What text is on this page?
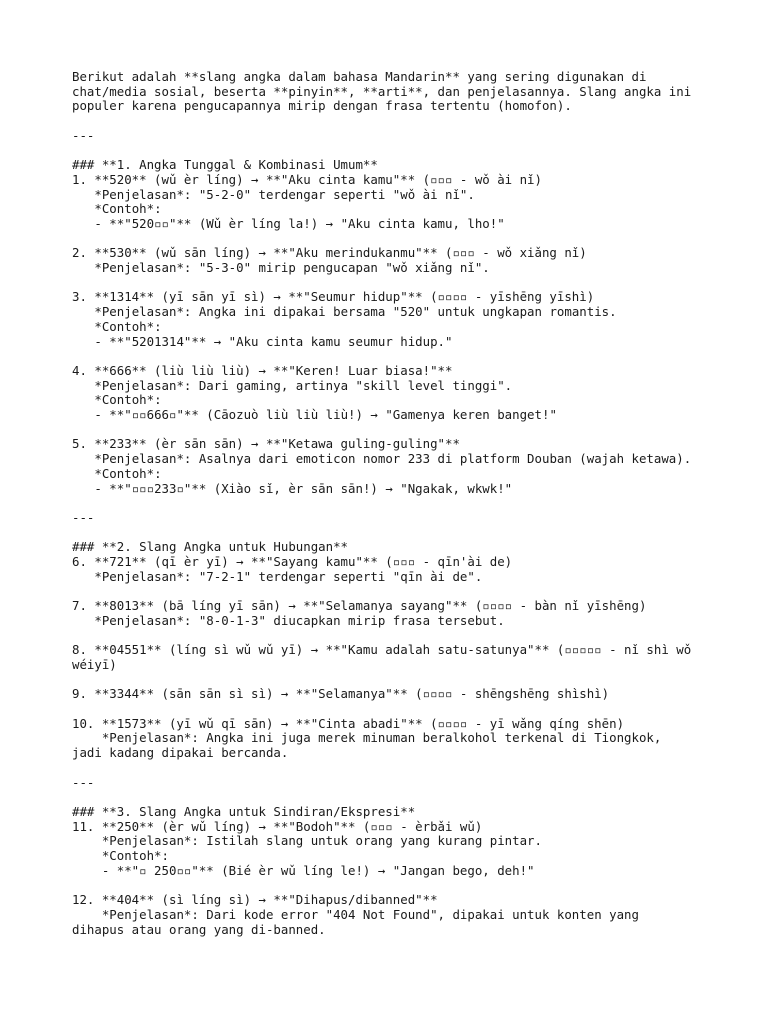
Berikut adalah **slang angka dalam bahasa Mandarin** yang sering digunakan di
chat/media sosial, beserta **pinyin**, **arti**, dan penjelasannya. Slang angka ini
populer karena pengucapannya mirip dengan frasa tertentu (homofon).
---
### **1. Angka Tunggal & Kombinasi Umum**
1. **520** (wǔ èr líng) → **"Aku cinta kamu"** (▫▫▫ - wǒ ài nǐ)
*Penjelasan*: "5-2-0" terdengar seperti "wǒ ài nǐ".
*Contoh*:
- **"520▫▫"** (Wǔ èr líng la!) → "Aku cinta kamu, lho!"
2. **530** (wǔ sān líng) → **"Aku merindukanmu"** (▫▫▫ - wǒ xiǎng nǐ)
*Penjelasan*: "5-3-0" mirip pengucapan "wǒ xiǎng nǐ".
3. **1314** (yī sān yī sì) → **"Seumur hidup"** (▫▫▫▫ - yīshēng yīshì)
*Penjelasan*: Angka ini dipakai bersama "520" untuk ungkapan romantis.
*Contoh*:
- **"5201314"** → "Aku cinta kamu seumur hidup."
4. **666** (liù liù liù) → **"Keren! Luar biasa!"**
*Penjelasan*: Dari gaming, artinya "skill level tinggi".
*Contoh*:
- **"▫▫666▫"** (Cāozuò liù liù liù!) → "Gamenya keren banget!"
5. **233** (èr sān sān) → **"Ketawa guling-guling"**
*Penjelasan*: Asalnya dari emoticon nomor 233 di platform Douban (wajah ketawa).
*Contoh*:
- **"▫▫▫233▫"** (Xiào sǐ, èr sān sān!) → "Ngakak, wkwk!"
---
### **2. Slang Angka untuk Hubungan**
6. **721** (qī èr yī) → **"Sayang kamu"** (▫▫▫ - qīn'ài de)
*Penjelasan*: "7-2-1" terdengar seperti "qīn ài de".
7. **8013** (bā líng yī sān) → **"Selamanya sayang"** (▫▫▫▫ - bàn nǐ yīshēng)
*Penjelasan*: "8-0-1-3" diucapkan mirip frasa tersebut.
8. **04551** (líng sì wǔ wǔ yī) → **"Kamu adalah satu-satunya"** (▫▫▫▫▫ - nǐ shì wǒ
wéiyī)
9. **3344** (sān sān sì sì) → **"Selamanya"** (▫▫▫▫ - shēngshēng shìshì)
10. **1573** (yī wǔ qī sān) → **"Cinta abadi"** (▫▫▫▫ - yī wǎng qíng shēn)
*Penjelasan*: Angka ini juga merek minuman beralkohol terkenal di Tiongkok,
jadi kadang dipakai bercanda.
---
### **3. Slang Angka untuk Sindiran/Ekspresi**
11. **250** (èr wǔ líng) → **"Bodoh"** (▫▫▫ - èrbǎi wǔ)
*Penjelasan*: Istilah slang untuk orang yang kurang pintar.
*Contoh*:
- **"▫ 250▫▫"** (Bié èr wǔ líng le!) → "Jangan bego, deh!"
12. **404** (sì líng sì) → **"Dihapus/dibanned"**
*Penjelasan*: Dari kode error "404 Not Found", dipakai untuk konten yang
dihapus atau orang yang di-banned.
